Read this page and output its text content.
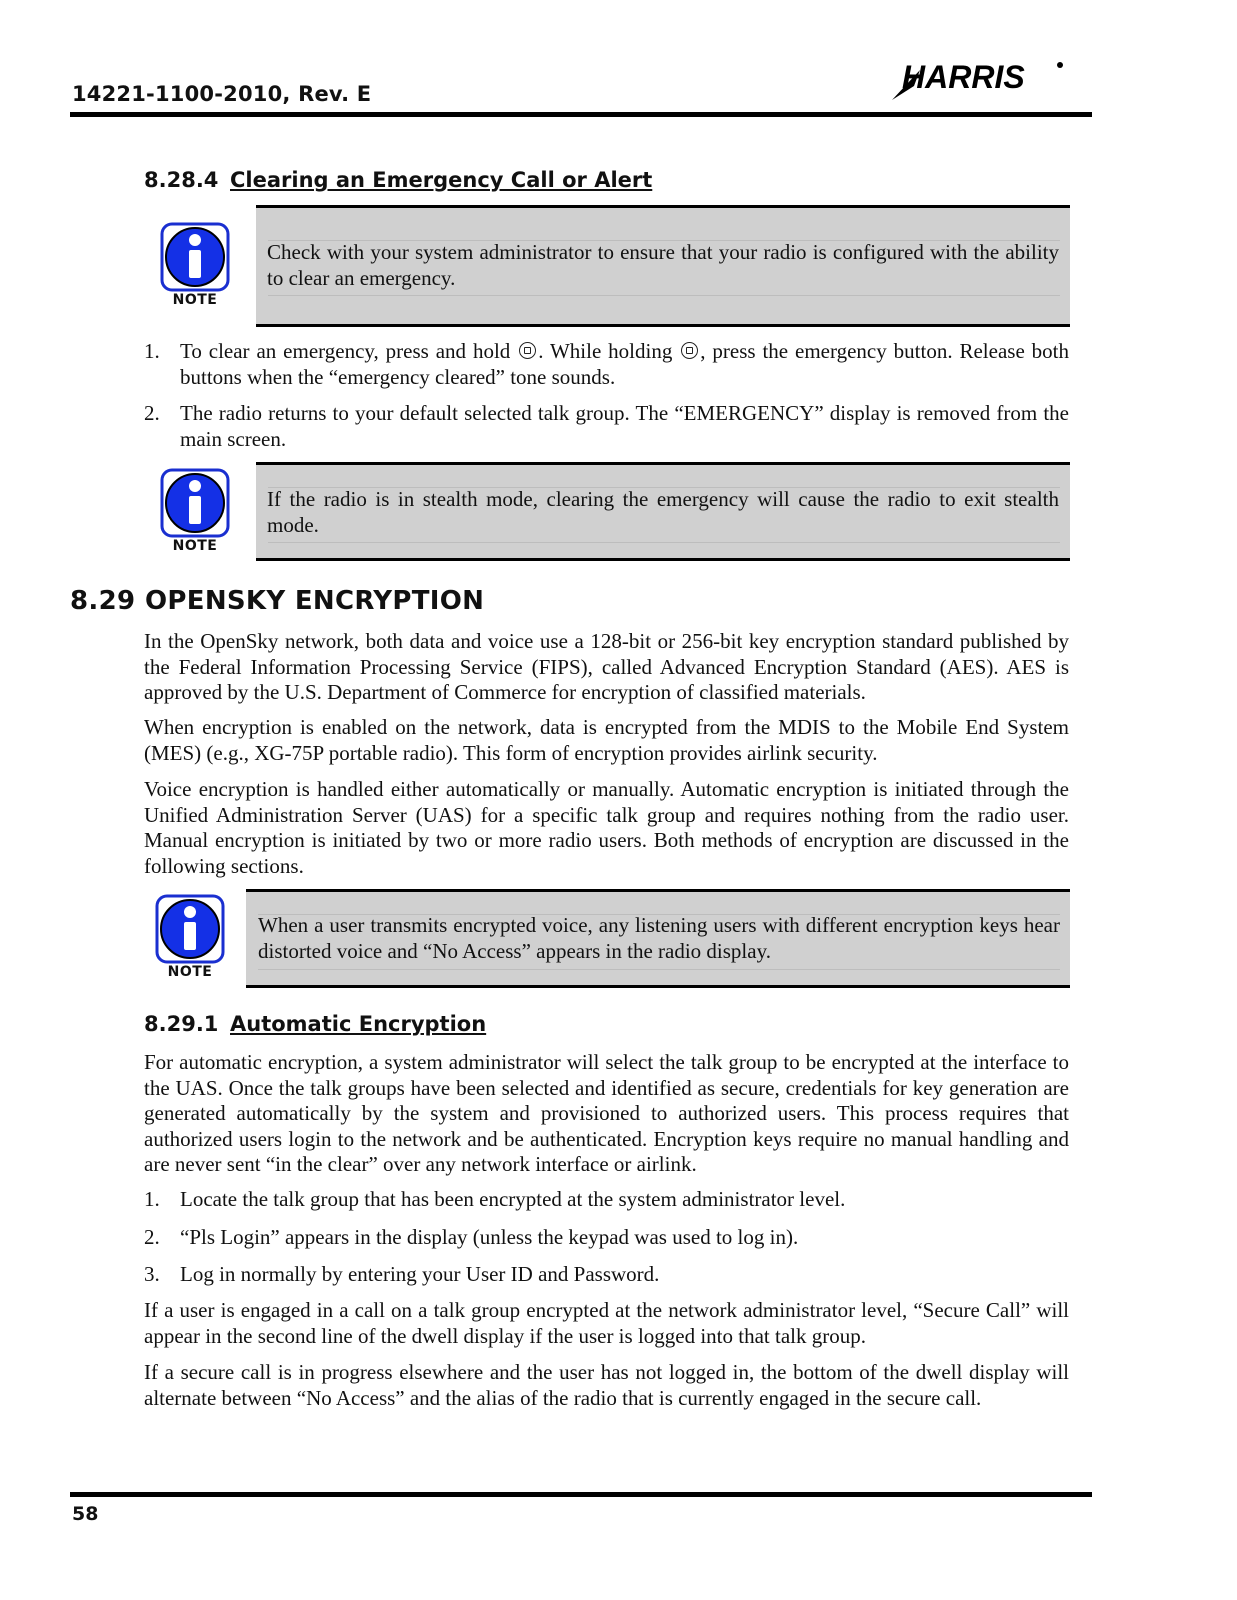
14221-1100-2010, Rev. E	HARRIS
8.28.4 Clearing an Emergency Call or Alert
NOTE
Check with your system administrator to ensure that your radio is configured with the ability to clear an emergency.
1. To clear an emergency, press and hold . While holding , press the emergency button. Release both buttons when the “emergency cleared” tone sounds.
2. The radio returns to your default selected talk group. The “EMERGENCY” display is removed from the main screen.
NOTE
If the radio is in stealth mode, clearing the emergency will cause the radio to exit stealth mode.
8.29 OPENSKY ENCRYPTION
In the OpenSky network, both data and voice use a 128-bit or 256-bit key encryption standard published by the Federal Information Processing Service (FIPS), called Advanced Encryption Standard (AES). AES is approved by the U.S. Department of Commerce for encryption of classified materials.
When encryption is enabled on the network, data is encrypted from the MDIS to the Mobile End System (MES) (e.g., XG-75P portable radio). This form of encryption provides airlink security.
Voice encryption is handled either automatically or manually. Automatic encryption is initiated through the Unified Administration Server (UAS) for a specific talk group and requires nothing from the radio user. Manual encryption is initiated by two or more radio users. Both methods of encryption are discussed in the following sections.
NOTE
When a user transmits encrypted voice, any listening users with different encryption keys hear distorted voice and “No Access” appears in the radio display.
8.29.1 Automatic Encryption
For automatic encryption, a system administrator will select the talk group to be encrypted at the interface to the UAS. Once the talk groups have been selected and identified as secure, credentials for key generation are generated automatically by the system and provisioned to authorized users. This process requires that authorized users login to the network and be authenticated. Encryption keys require no manual handling and are never sent “in the clear” over any network interface or airlink.
1. Locate the talk group that has been encrypted at the system administrator level.
2. “Pls Login” appears in the display (unless the keypad was used to log in).
3. Log in normally by entering your User ID and Password.
If a user is engaged in a call on a talk group encrypted at the network administrator level, “Secure Call” will appear in the second line of the dwell display if the user is logged into that talk group.
If a secure call is in progress elsewhere and the user has not logged in, the bottom of the dwell display will alternate between “No Access” and the alias of the radio that is currently engaged in the secure call.
58
